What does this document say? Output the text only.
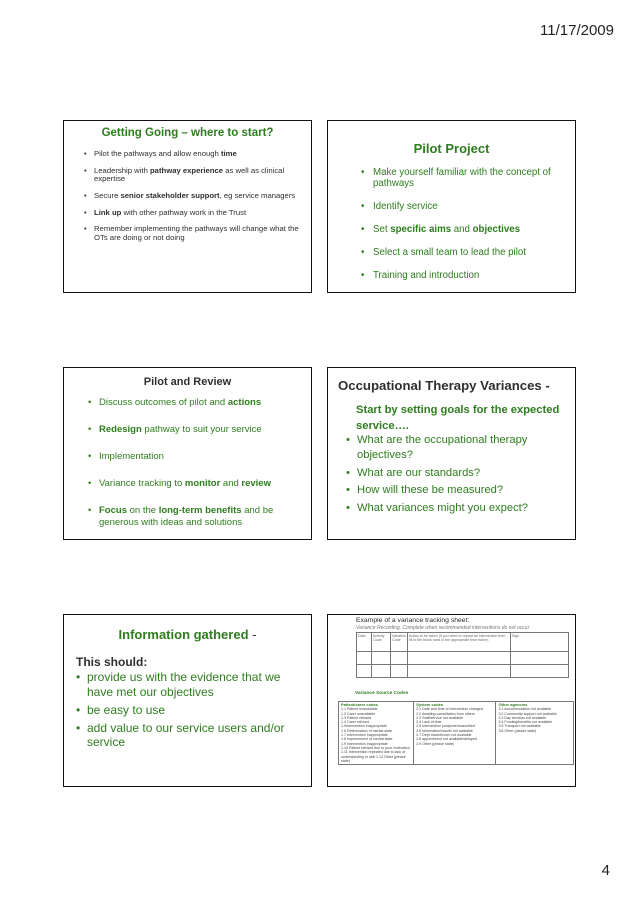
11/17/2009
Getting Going – where to start?
• Pilot the pathways and allow enough time
• Leadership with pathway experience as well as clinical expertise
• Secure senior stakeholder support, eg service managers
• Link up with other pathway work in the Trust
• Remember implementing the pathways will change what the OTs are doing or not doing
Pilot Project
• Make yourself familiar with the concept of pathways
• Identify service
• Set specific aims and objectives
• Select a small team to lead the pilot
• Training and introduction
Pilot and Review
• Discuss outcomes of pilot and actions
• Redesign pathway to suit your service
• Implementation
• Variance tracking to monitor and review
• Focus on the long-term benefits and be generous with ideas and solutions
Occupational Therapy Variances -
Start by setting goals for the expected service….
• What are the occupational therapy objectives?
• What are our standards?
• How will these be measured?
• What variances might you expect?
Information gathered -
This should:
• provide us with the evidence that we have met our objectives
• be easy to use
• add value to our service users and/or service
Example of a variance tracking sheet:
Variance Recording. Complete when recommended interventions do not occur
Date	Activity Code	Variation Code	Action to be taken (If you need to repeat an intervention then fill in the blank rows in the appropriate time frame)	Sign

Variance Source Codes
Patient/carer codes
1.1 Patient unavailable
1.2 Carer unavailable
1.3 Patient refused
1.4 Carer refused
1.5Intervention inappropriate
1.6 Deterioration of mental state
1.7 Intervention inappropriate
1.8 Improvement of mental state
1.9 Intervention inappropriate
1.10 Patient refused due to poor motivation
1.11 Intervention repeated due to lack of understanding or skill 1.12 Other (please state)

System codes
2.1 Date and time of intervention changed
2.2 Awaiting consultation from others
2.3 Staff/service not available
2.4 Lack of time
2.5 Intervention postponed/cancelled
2.6 Information/results not available
2.7 Dept closed/room not available
2.8 appointment not available/delayed
2.9 Other (please state)

Other agencies
3.1 Accommodation not available
3.2 Community support not available
3.3 Day services not available
3.4 Funding/benefits not available
3.5 Transport not available
3.6 Other (please state)
4
